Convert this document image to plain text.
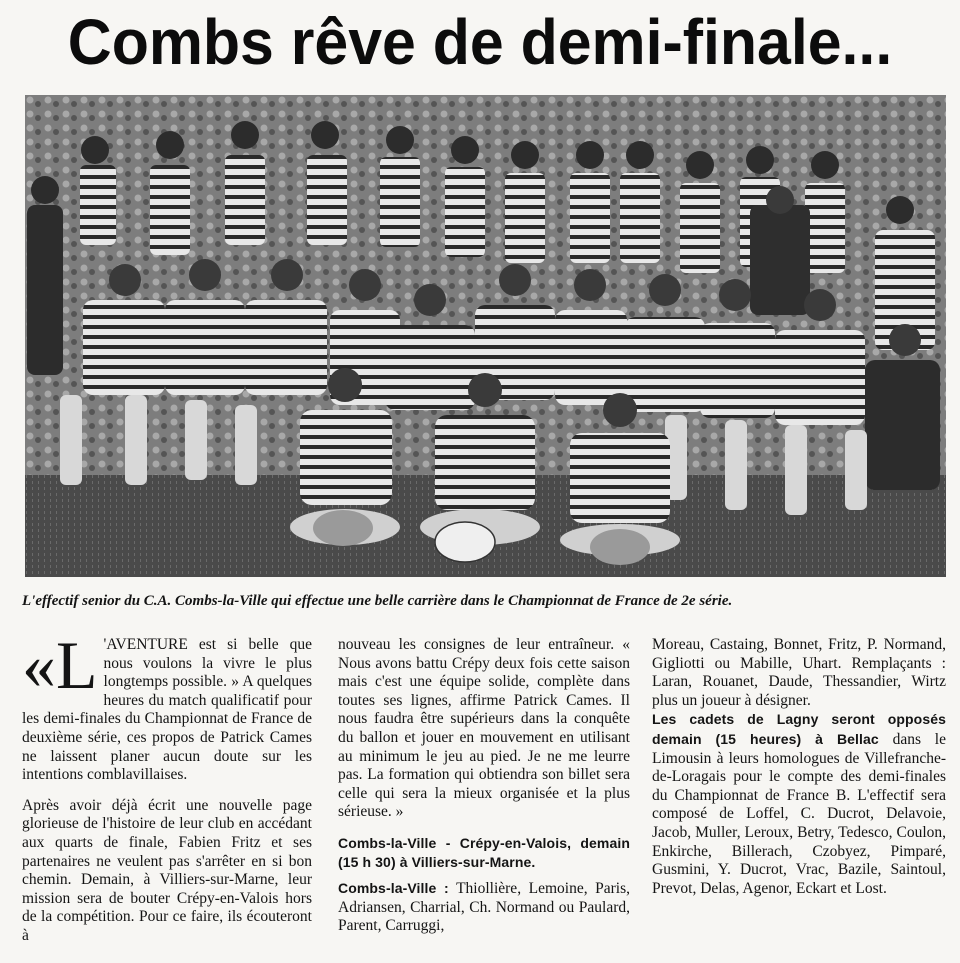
Combs rêve de demi-finale...
L'effectif senior du C.A. Combs-la-Ville qui effectue une belle carrière dans le Championnat de France de 2e série.

«L 'AVENTURE est si belle que nous voulons la vivre le plus longtemps possible. » A quelques heures du match qualificatif pour les demi-finales du Championnat de France de deuxième série, ces propos de Patrick Cames ne laissent planer aucun doute sur les intentions comblavillaises.

Après avoir déjà écrit une nouvelle page glorieuse de l'histoire de leur club en accédant aux quarts de finale, Fabien Fritz et ses partenaires ne veulent pas s'arrêter en si bon chemin. Demain, à Villiers-sur-Marne, leur mission sera de bouter Crépy-en-Valois hors de la compétition. Pour ce faire, ils écouteront à

nouveau les consignes de leur entraîneur. « Nous avons battu Crépy deux fois cette saison mais c'est une équipe solide, complète dans toutes ses lignes, affirme Patrick Cames. Il nous faudra être supérieurs dans la conquête du ballon et jouer en mouvement en utilisant au minimum le jeu au pied. Je ne me leurre pas. La formation qui obtiendra son billet sera celle qui sera la mieux organisée et la plus sérieuse. »

Combs-la-Ville - Crépy-en-Valois, demain (15 h 30) à Villiers-sur-Marne.

Combs-la-Ville : Thiollière, Lemoine, Paris, Adriansen, Charrial, Ch. Normand ou Paulard, Parent, Carruggi,

Moreau, Castaing, Bonnet, Fritz, P. Normand, Gigliotti ou Mabille, Uhart. Remplaçants : Laran, Rouanet, Daude, Thessandier, Wirtz plus un joueur à désigner.

Les cadets de Lagny seront opposés demain (15 heures) à Bellac dans le Limousin à leurs homologues de Villefranche-de-Loragais pour le compte des demi-finales du Championnat de France B. L'effectif sera composé de Loffel, C. Ducrot, Delavoie, Jacob, Muller, Leroux, Betry, Tedesco, Coulon, Enkirche, Billerach, Czobyez, Pimparé, Gusmini, Y. Ducrot, Vrac, Bazile, Saintoul, Prevot, Delas, Agenor, Eckart et Lost.
